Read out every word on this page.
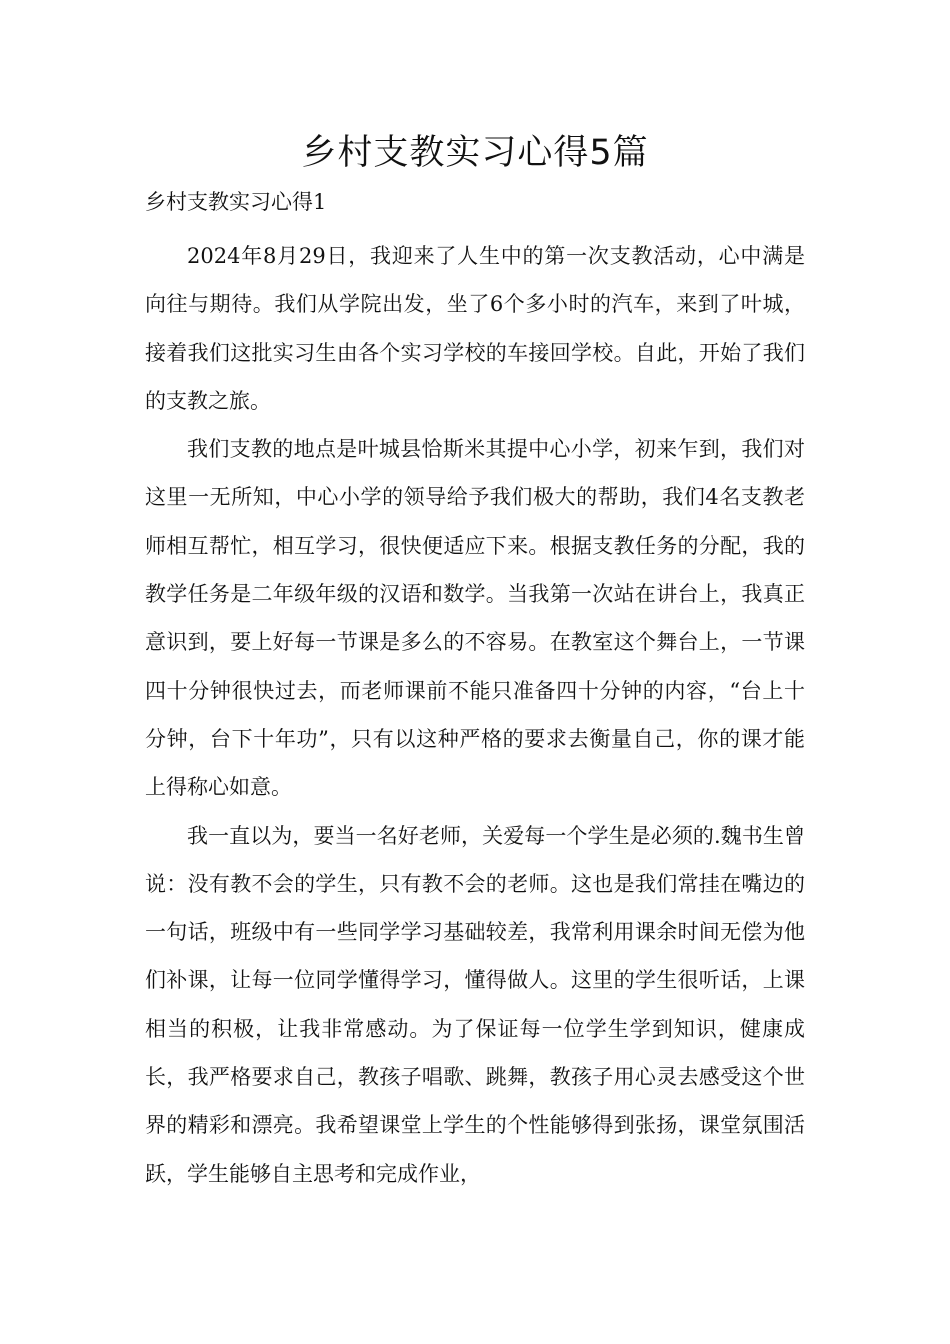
乡村支教实习心得5篇
乡村支教实习心得1

2024年8月29日，我迎来了人生中的第一次支教活动，心中满是向往与期待。我们从学院出发，坐了6个多小时的汽车，来到了叶城，接着我们这批实习生由各个实习学校的车接回学校。自此，开始了我们的支教之旅。

我们支教的地点是叶城县恰斯米其提中心小学，初来乍到，我们对这里一无所知，中心小学的领导给予我们极大的帮助，我们4名支教老师相互帮忙，相互学习，很快便适应下来。根据支教任务的分配，我的教学任务是二年级年级的汉语和数学。当我第一次站在讲台上，我真正意识到，要上好每一节课是多么的不容易。在教室这个舞台上，一节课四十分钟很快过去，而老师课前不能只准备四十分钟的内容，“台上十分钟，台下十年功”，只有以这种严格的要求去衡量自己，你的课才能上得称心如意。

我一直以为，要当一名好老师，关爱每一个学生是必须的.魏书生曾说：没有教不会的学生，只有教不会的老师。这也是我们常挂在嘴边的一句话，班级中有一些同学学习基础较差，我常利用课余时间无偿为他们补课，让每一位同学懂得学习，懂得做人。这里的学生很听话，上课相当的积极，让我非常感动。为了保证每一位学生学到知识，健康成长，我严格要求自己，教孩子唱歌、跳舞，教孩子用心灵去感受这个世界的精彩和漂亮。我希望课堂上学生的个性能够得到张扬，课堂氛围活跃，学生能够自主思考和完成作业，
